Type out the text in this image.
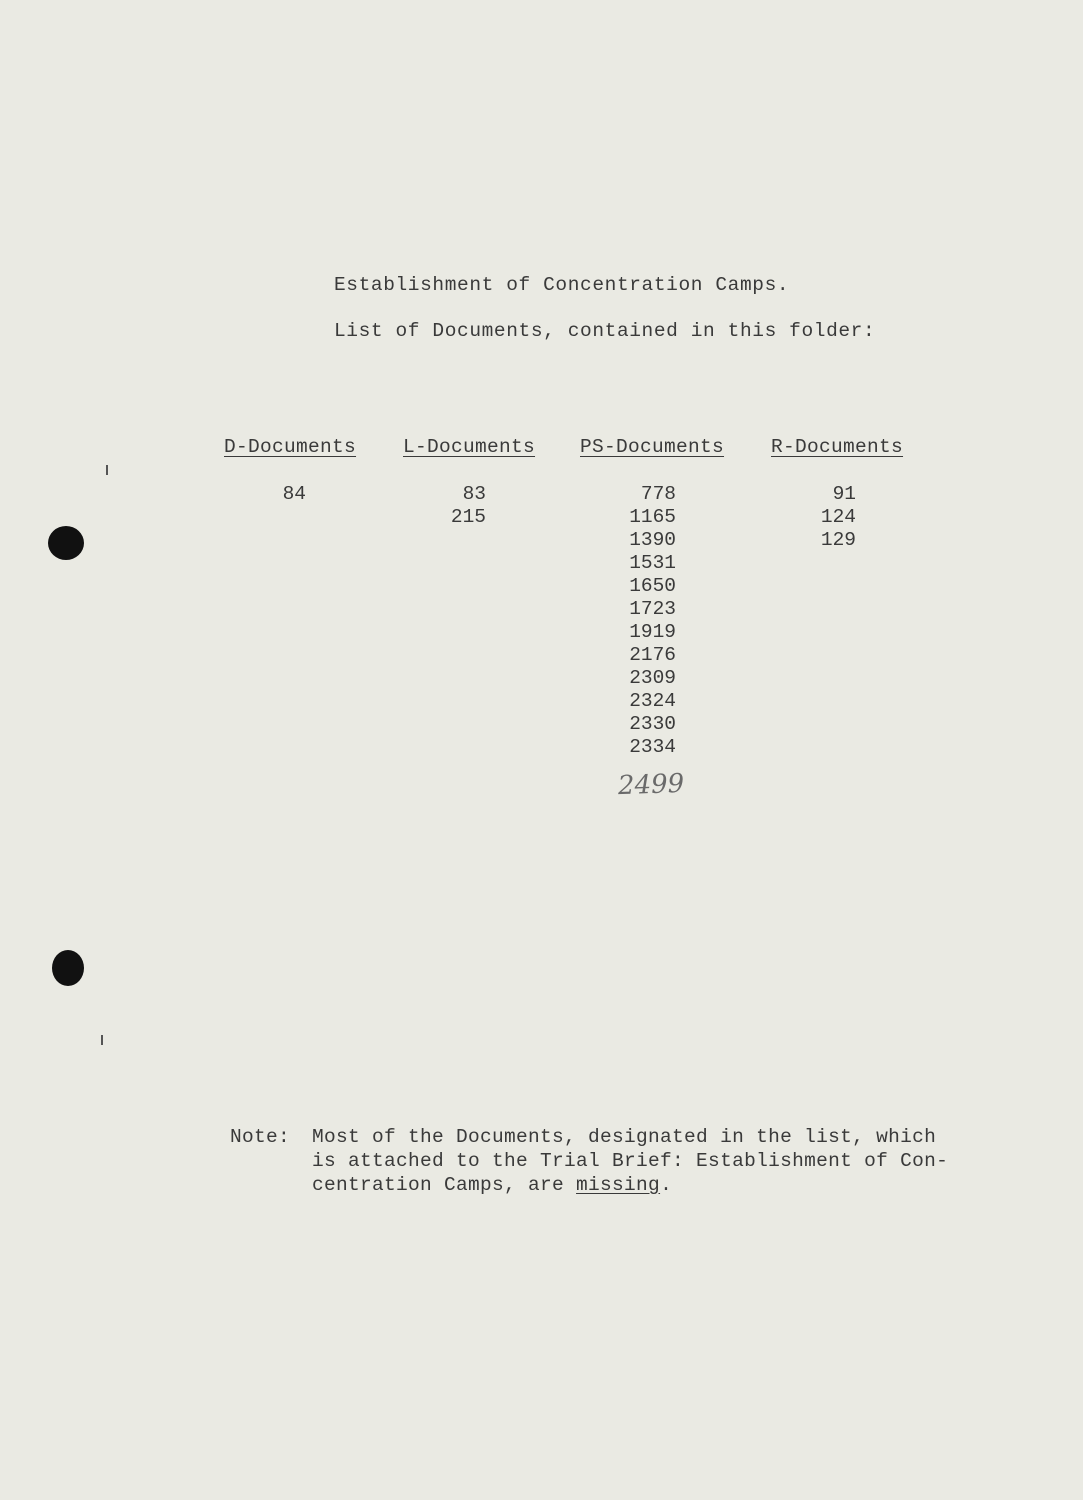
Establishment of Concentration Camps.
List of Documents, contained in this folder:
D-Documents L-Documents PS-Documents R-Documents
84	83
215
778
1165
1390
1531
1650
1723
1919
2176
2309
2324
2330
2334
91
124
129
2499
Note: Most of the Documents, designated in the list, which
is attached to the Trial Brief: Establishment of Con-
centration Camps, are missing.
